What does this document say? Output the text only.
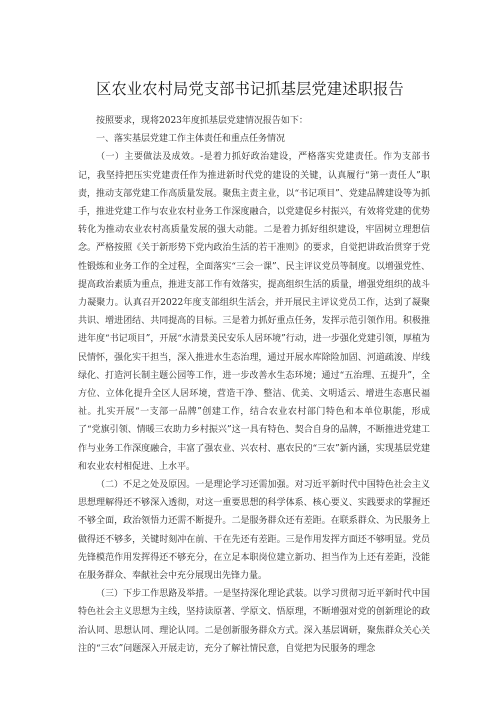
区农业农村局党支部书记抓基层党建述职报告

按照要求，现将2023年度抓基层党建情况报告如下：

一、落实基层党建工作主体责任和重点任务情况

（一）主要做法及成效。-是着力抓好政治建设，严格落实党建责任。作为支部书记，我坚持把压实党建责任作为推进新时代党的建设的关键，认真履行“第一责任人”职责，推动支部党建工作高质量发展。聚焦主责主业，以“书记项目”、党建品牌建设等为抓手，推进党建工作与农业农村业务工作深度融合，以党建促乡村振兴，有效将党建的优势转化为推动农业农村高质量发展的强大动能。二是着力抓好组织建设，牢固树立理想信念。严格按照《关于新形势下党内政治生活的若干准则》的要求，自觉把讲政治贯穿于党性锻炼和业务工作的全过程，全面落实“三会一课”、民主评议党员等制度。以增强党性、提高政治素质为重点，推进支部工作有效落实，提高组织生活的质量，增强党组织的战斗力凝聚力。认真召开2022年度支部组织生活会，并开展民主评议党员工作，达到了凝聚共识、增进团结、共同提高的目标。三是着力抓好重点任务，发挥示范引领作用。积极推进年度“书记项目”，开展“水清景美民安乐人居环境”行动，进一步强化党建引领，厚植为民情怀，强化实干担当，深入推进水生态治理，通过开展水库除险加固、河道疏浚、岸线绿化、打造河长制主题公园等工作，进一步改善水生态环境；通过“五治理、五提升”，全方位、立体化提升全区人居环境，营造干净、整洁、优美、文明适云、增进生态惠民福祉。扎实开展“一支部一品牌”创建工作，结合农业农村部门特色和本单位职能，形成了“党旗引领、情暖三农助力乡村振兴”这一具有特色、契合自身的品牌，不断推进党建工作与业务工作深度融合，丰富了强农业、兴农村、惠农民的“三农”新内涵，实现基层党建和农业农村相促进、上水平。

（二）不足之处及原因。一是理论学习还需加强。对习近平新时代中国特色社会主义思想理解得还不够深入透彻，对这一重要思想的科学体系、核心要义、实践要求的掌握还不够全面，政治领悟力还需不断提升。二是服务群众还有差距。在联系群众、为民服务上做得还不够多，关键时刻冲在前、干在先还有差距。三是作用发挥方面还不够明显。党员先锋模范作用发挥得还不够充分，在立足本职岗位建立新功、担当作为上还有差距，没能在服务群众、奉献社会中充分展现出先锋力量。

（三）下步工作思路及举措。一是坚持深化理论武装。以学习贯彻习近平新时代中国特色社会主义思想为主线，坚持读原著、学原文、悟原理，不断增强对党的创新理论的政治认同、思想认同、理论认同。二是创新服务群众方式。深入基层调研，聚焦群众关心关注的“三农”问题深入开展走访，充分了解社情民意，自觉把为民服务的理念
